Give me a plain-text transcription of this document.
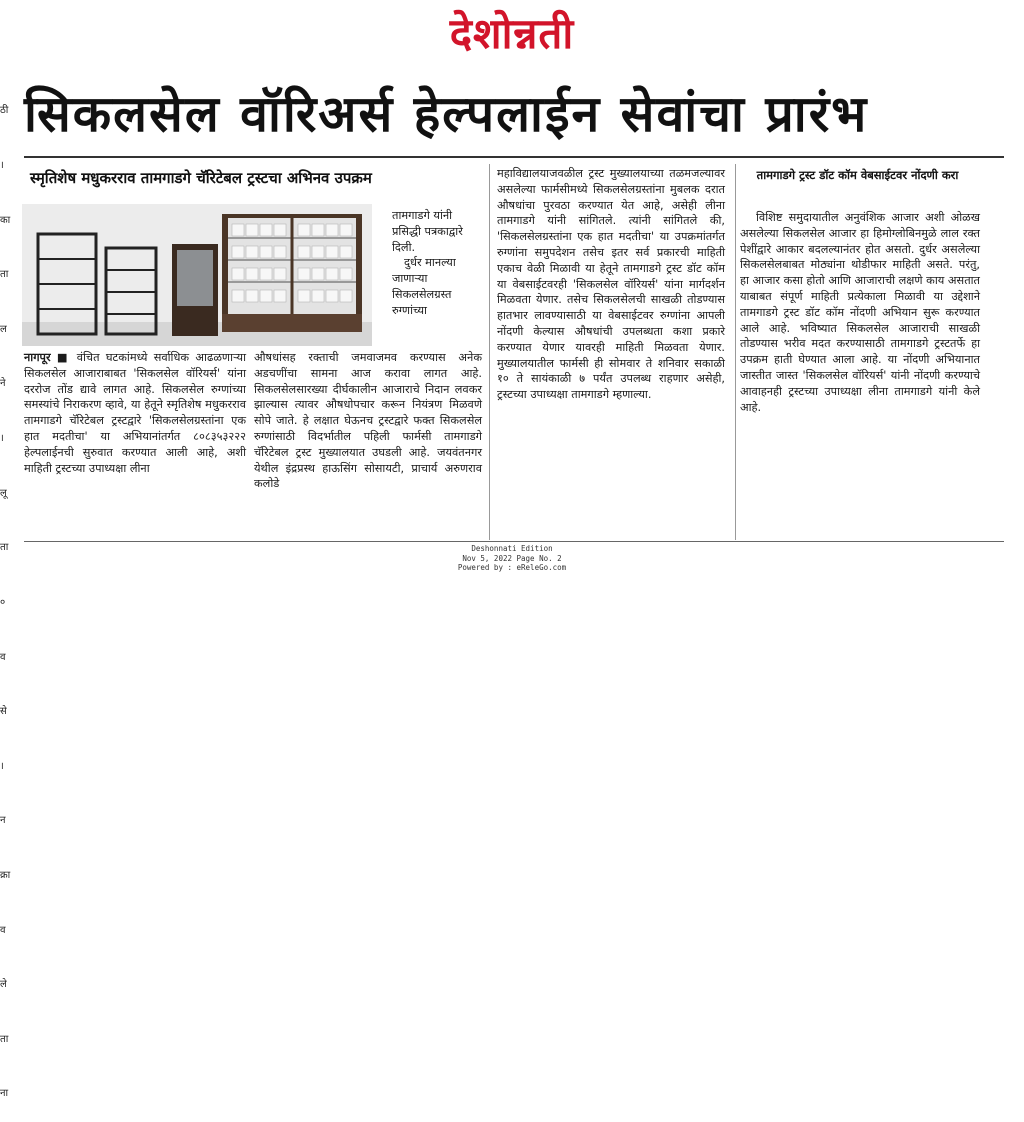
देशोन्नती

ठी

।

का

ता

ल

ने

।

लू

ता

०

व

से

।

न

क्रा

व

ले

ता

ना

सिकलसेल वॉरिअर्स हेल्पलाईन सेवांचा प्रारंभ
स्मृतिशेष मधुकरराव तामगाडगे चॅरिटेबल ट्रस्टचा अभिनव उपक्रम

तामगाडगे यांनी प्रसिद्धी पत्रकाद्वारे दिली.

दुर्धर मानल्या जाणाऱ्या सिकलसेलग्रस्त रुग्णांच्या

नागपूर ■ वंचित घटकांमध्ये सर्वाधिक आढळणाऱ्या सिकलसेल आजाराबाबत 'सिकलसेल वॉरियर्स' यांना दररोज तोंड द्यावे लागत आहे. सिकलसेल रुग्णांच्या समस्यांचे निराकरण व्हावे, या हेतूने स्मृतिशेष मधुकरराव तामगाडगे चॅरिटेबल ट्रस्टद्वारे 'सिकलसेलग्रस्तांना एक हात मदतीचा' या अभियानांतर्गत ८०८३५३२२२ हेल्पलाईनची सुरुवात करण्यात आली आहे, अशी माहिती ट्रस्टच्या उपाध्यक्षा लीना

औषधांसह रक्ताची जमवाजमव करण्यास अनेक अडचणींचा सामना आज करावा लागत आहे. सिकलसेलसारख्या दीर्घकालीन आजाराचे निदान लवकर झाल्यास त्यावर औषधोपचार करून नियंत्रण मिळवणे सोपे जाते. हे लक्षात घेऊनच ट्रस्टद्वारे फक्त सिकलसेल रुग्णांसाठी विदर्भातील पहिली फार्मसी तामगाडगे चॅरिटेबल ट्रस्ट मुख्यालयात उघडली आहे. जयवंतनगर येथील इंद्रप्रस्थ हाऊसिंग सोसायटी, प्राचार्य अरुणराव कलोडे

महाविद्यालयाजवळील ट्रस्ट मुख्यालयाच्या तळमजल्यावर असलेल्या फार्मसीमध्ये सिकलसेलग्रस्तांना मुबलक दरात औषधांचा पुरवठा करण्यात येत आहे, असेही लीना तामगाडगे यांनी सांगितले. त्यांनी सांगितले की, 'सिकलसेलग्रस्तांना एक हात मदतीचा' या उपक्रमांतर्गत रुग्णांना समुपदेशन तसेच इतर सर्व प्रकारची माहिती एकाच वेळी मिळावी या हेतूने तामगाडगे ट्रस्ट डॉट कॉम या वेबसाईटवरही 'सिकलसेल वॉरियर्स' यांना मार्गदर्शन मिळवता येणार. तसेच सिकलसेलची साखळी तोडण्यास हातभार लावण्यासाठी या वेबसाईटवर रुग्णांना आपली नोंदणी केल्यास औषधांची उपलब्धता कशा प्रकारे करण्यात येणार यावरही माहिती मिळवता येणार. मुख्यालयातील फार्मसी ही सोमवार ते शनिवार सकाळी १० ते सायंकाळी ७ पर्यंत उपलब्ध राहणार असेही, ट्रस्टच्या उपाध्यक्षा तामगाडगे म्हणाल्या.

तामगाडगे ट्रस्ट डॉट कॉम वेबसाईटवर नोंदणी करा

विशिष्ट समुदायातील अनुवंशिक आजार अशी ओळख असलेल्या सिकलसेल आजार हा हिमोग्लोबिनमुळे लाल रक्त पेशींद्वारे आकार बदलल्यानंतर होत असतो. दुर्धर असलेल्या सिकलसेलबाबत मोठ्यांना थोडीफार माहिती असते. परंतु, हा आजार कसा होतो आणि आजाराची लक्षणे काय असतात याबाबत संपूर्ण माहिती प्रत्येकाला मिळावी या उद्देशाने तामगाडगे ट्रस्ट डॉट कॉम नोंदणी अभियान सुरू करण्यात आले आहे. भविष्यात सिकलसेल आजाराची साखळी तोडण्यास भरीव मदत करण्यासाठी तामगाडगे ट्रस्टतर्फे हा उपक्रम हाती घेण्यात आला आहे. या नोंदणी अभियानात जास्तीत जास्त 'सिकलसेल वॉरियर्स' यांनी नोंदणी करण्याचे आवाहनही ट्रस्टच्या उपाध्यक्षा लीना तामगाडगे यांनी केले आहे.

Deshonnati Edition
Nov 5, 2022 Page No. 2
Powered by : eReleGo.com
